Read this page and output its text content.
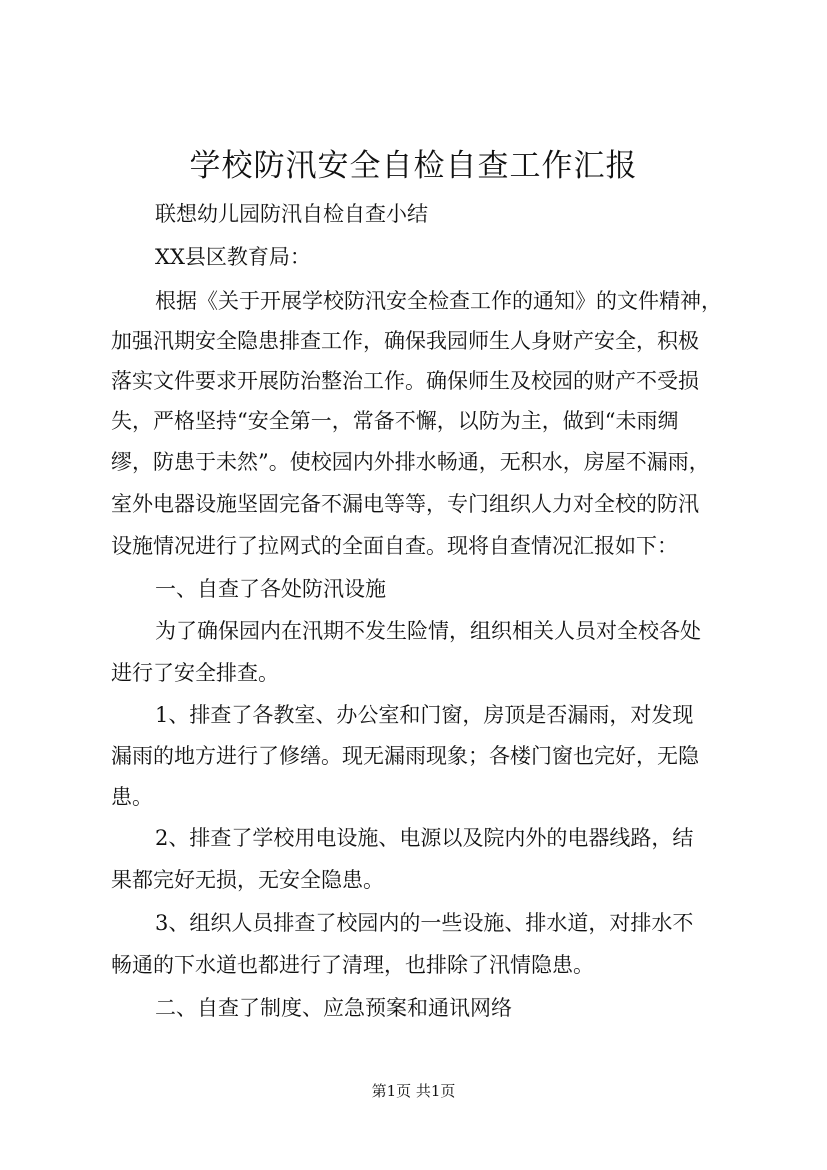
学校防汛安全自检自查工作汇报

联想幼儿园防汛自检自查小结

XX县区教育局：

根据《关于开展学校防汛安全检查工作的通知》的文件精神，

加强汛期安全隐患排查工作，确保我园师生人身财产安全，积极

落实文件要求开展防治整治工作。确保师生及校园的财产不受损

失，严格坚持“安全第一，常备不懈，以防为主，做到“未雨绸

缪，防患于未然”。使校园内外排水畅通，无积水，房屋不漏雨，

室外电器设施坚固完备不漏电等等，专门组织人力对全校的防汛

设施情况进行了拉网式的全面自查。现将自查情况汇报如下：

一、自查了各处防汛设施

为了确保园内在汛期不发生险情，组织相关人员对全校各处

进行了安全排查。

1、排查了各教室、办公室和门窗，房顶是否漏雨，对发现

漏雨的地方进行了修缮。现无漏雨现象；各楼门窗也完好，无隐

患。

2、排查了学校用电设施、电源以及院内外的电器线路，结

果都完好无损，无安全隐患。

3、组织人员排查了校园内的一些设施、排水道，对排水不

畅通的下水道也都进行了清理，也排除了汛情隐患。

二、自查了制度、应急预案和通讯网络

第1页 共1页
